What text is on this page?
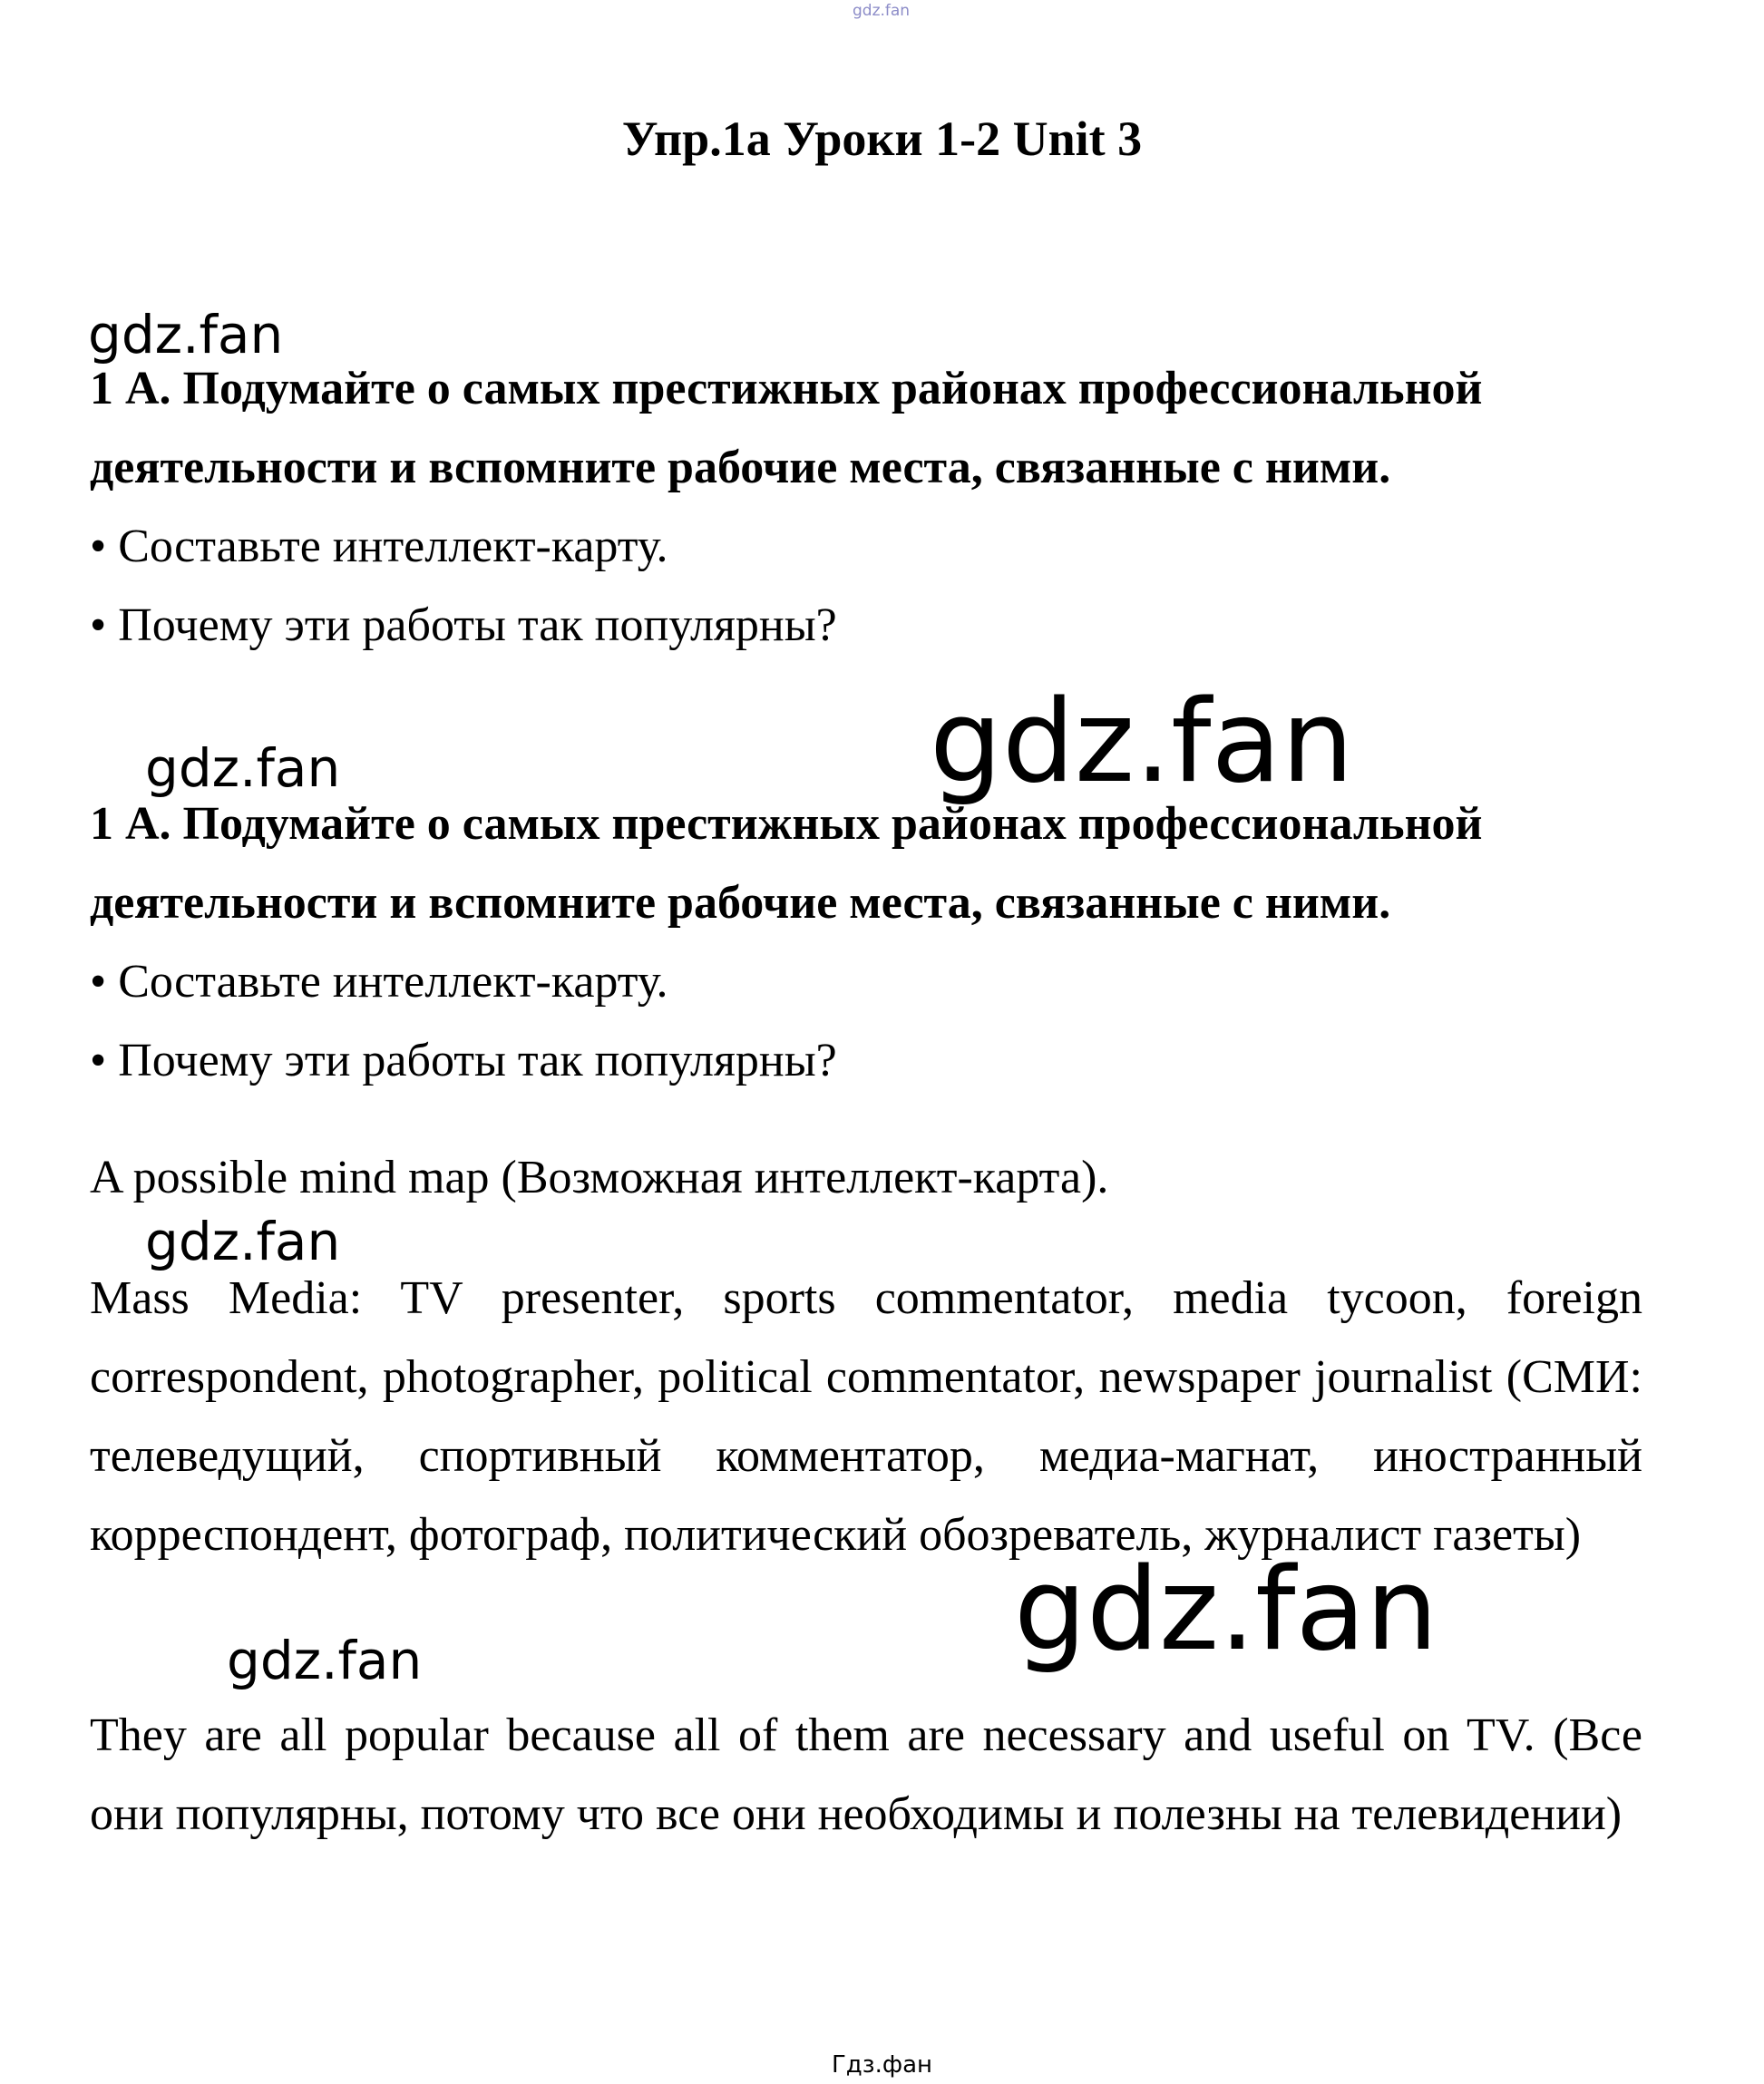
gdz.fan
Упр.1а Уроки 1-2 Unit 3
gdz.fan

1 А. Подумайте о самых престижных районах профессиональной деятельности и вспомните рабочие места, связанные с ними.

• Составьте интеллект-карту.

• Почему эти работы так популярны?

gdz.fan
gdz.fan

1 А. Подумайте о самых престижных районах профессиональной деятельности и вспомните рабочие места, связанные с ними.

• Составьте интеллект-карту.

• Почему эти работы так популярны?

A possible mind map (Возможная интеллект-карта).

gdz.fan

Mass Media: TV presenter, sports commentator, media tycoon, foreign correspondent, photographer, political commentator, newspaper journalist (СМИ: телеведущий, спортивный комментатор, медиа-магнат, иностранный корреспондент, фотограф, политический обозреватель, журналист газеты)

gdz.fan
gdz.fan

They are all popular because all of them are necessary and useful on TV. (Все они популярны, потому что все они необходимы и полезны на телевидении)

Гдз.фан
